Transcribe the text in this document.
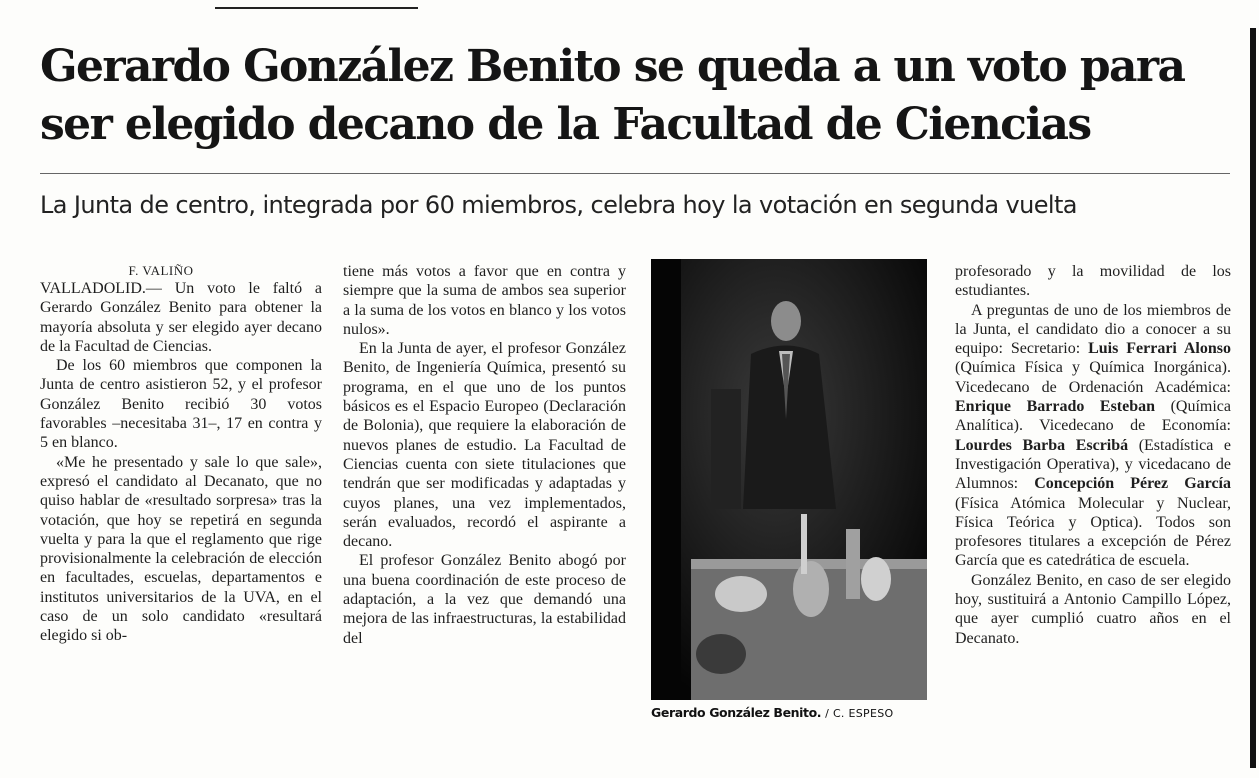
Gerardo González Benito se queda a un voto para ser elegido decano de la Facultad de Ciencias
La Junta de centro, integrada por 60 miembros, celebra hoy la votación en segunda vuelta
F. VALIÑO

VALLADOLID.— Un voto le faltó a Gerardo González Benito para obtener la mayoría absoluta y ser elegido ayer decano de la Facultad de Ciencias.

De los 60 miembros que componen la Junta de centro asistieron 52, y el profesor González Benito recibió 30 votos favorables –necesitaba 31–, 17 en contra y 5 en blanco.

«Me he presentado y sale lo que sale», expresó el candidato al Decanato, que no quiso hablar de «resultado sorpresa» tras la votación, que hoy se repetirá en segunda vuelta y para la que el reglamento que rige provisionalmente la celebración de elección en facultades, escuelas, departamentos e institutos universitarios de la UVA, en el caso de un solo candidato «resultará elegido si ob-

tiene más votos a favor que en contra y siempre que la suma de ambos sea superior a la suma de los votos en blanco y los votos nulos».

En la Junta de ayer, el profesor González Benito, de Ingeniería Química, presentó su programa, en el que uno de los puntos básicos es el Espacio Europeo (Declaración de Bolonia), que requiere la elaboración de nuevos planes de estudio. La Facultad de Ciencias cuenta con siete titulaciones que tendrán que ser modificadas y adaptadas y cuyos planes, una vez implementados, serán evaluados, recordó el aspirante a decano.

El profesor González Benito abogó por una buena coordinación de este proceso de adaptación, a la vez que demandó una mejora de las infraestructuras, la estabilidad del

Gerardo González Benito. / C. ESPESO

profesorado y la movilidad de los estudiantes.

A preguntas de uno de los miembros de la Junta, el candidato dio a conocer a su equipo: Secretario: Luis Ferrari Alonso (Química Física y Química Inorgánica). Vicedecano de Ordenación Académica: Enrique Barrado Esteban (Química Analítica). Vicedecano de Economía: Lourdes Barba Escribá (Estadística e Investigación Operativa), y vicedacano de Alumnos: Concepción Pérez García (Física Atómica Molecular y Nuclear, Física Teórica y Optica). Todos son profesores titulares a excepción de Pérez García que es catedrática de escuela.

González Benito, en caso de ser elegido hoy, sustituirá a Antonio Campillo López, que ayer cumplió cuatro años en el Decanato.
